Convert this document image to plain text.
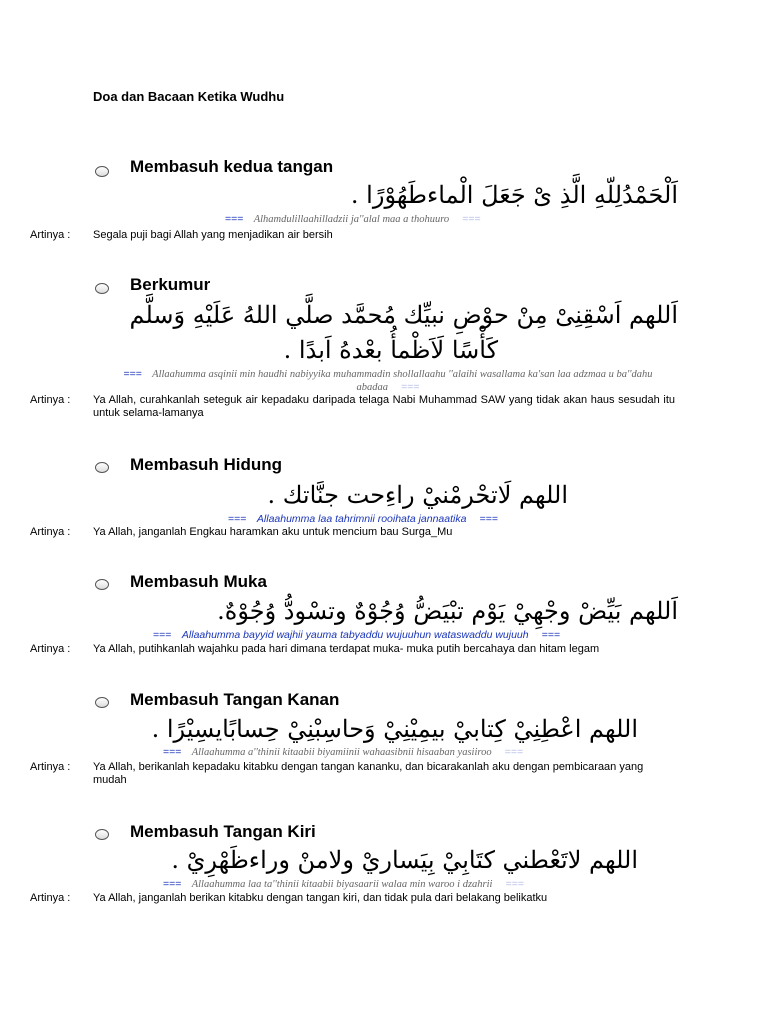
Doa dan Bacaan Ketika Wudhu
Membasuh kedua tangan
اَلْحَمْدُلِلّهِ الَّذِ ىْ جَعَلَ الْماءطَهُوْرًا .
=== Alhamdulillaahilladzii ja''alal maa a thohuuro ===
Artinya : Segala puji bagi Allah yang menjadikan air bersih
Berkumur
اَللهم اَسْقِنِىْ مِنْ حوْضِ نبيِّك مُحمَّد صلَّي اللهُ عَلَيْهِ وَسلَّم
كَأْسًا لَاَظْمأُ بعْدهُ اَبدًا .
=== Allaahumma asqinii min haudhi nabiyyika muhammadin shollallaahu ''alaihi wasallama ka'san laa adzmaa u ba''dahu abadaa ===
Artinya : Ya Allah, curahkanlah seteguk air kepadaku daripada telaga Nabi Muhammad SAW yang tidak akan haus sesudah itu untuk selama-lamanya
Membasuh Hidung
اللهم لَاتحْرمْنيْ راءِحت جنَّاتك .
=== Allaahumma laa tahrimnii rooihata jannaatika ===
Artinya : Ya Allah, janganlah Engkau haramkan aku untuk mencium bau Surga_Mu
Membasuh Muka
اَللهم بَيِّضْ وجْهِيْ يَوْم تبْيَضُّ وُجُوْهٌ وتسْودُّ وُجُوْهٌ.
=== Allaahumma bayyid wajhii yauma tabyaddu wujuuhun wataswaddu wujuuh ===
Artinya : Ya Allah, putihkanlah wajahku pada hari dimana terdapat muka- muka putih bercahaya dan hitam legam
Membasuh Tangan Kanan
اللهم اعْطِنِيْ كِتابيْ بيمِيْنِيْ وَحاسِبْنِيْ حِسابًايسِيْرًا .
=== Allaahumma a''thinii kitaabii biyamiinii wahaasibnii hisaaban yasiiroo ===
Artinya : Ya Allah, berikanlah kepadaku kitabku dengan tangan kananku, dan bicarakanlah aku dengan pembicaraan yang mudah
Membasuh Tangan Kiri
اللهم لاتَعْطني كتَابِيْ بِيَساريْ ولامنْ وراءظَهْرِيْ .
=== Allaahumma laa ta''thinii kitaabii biyasaarii walaa min waroo i dzahrii ===
Artinya : Ya Allah, janganlah berikan kitabku dengan tangan kiri, dan tidak pula dari belakang belikatku
